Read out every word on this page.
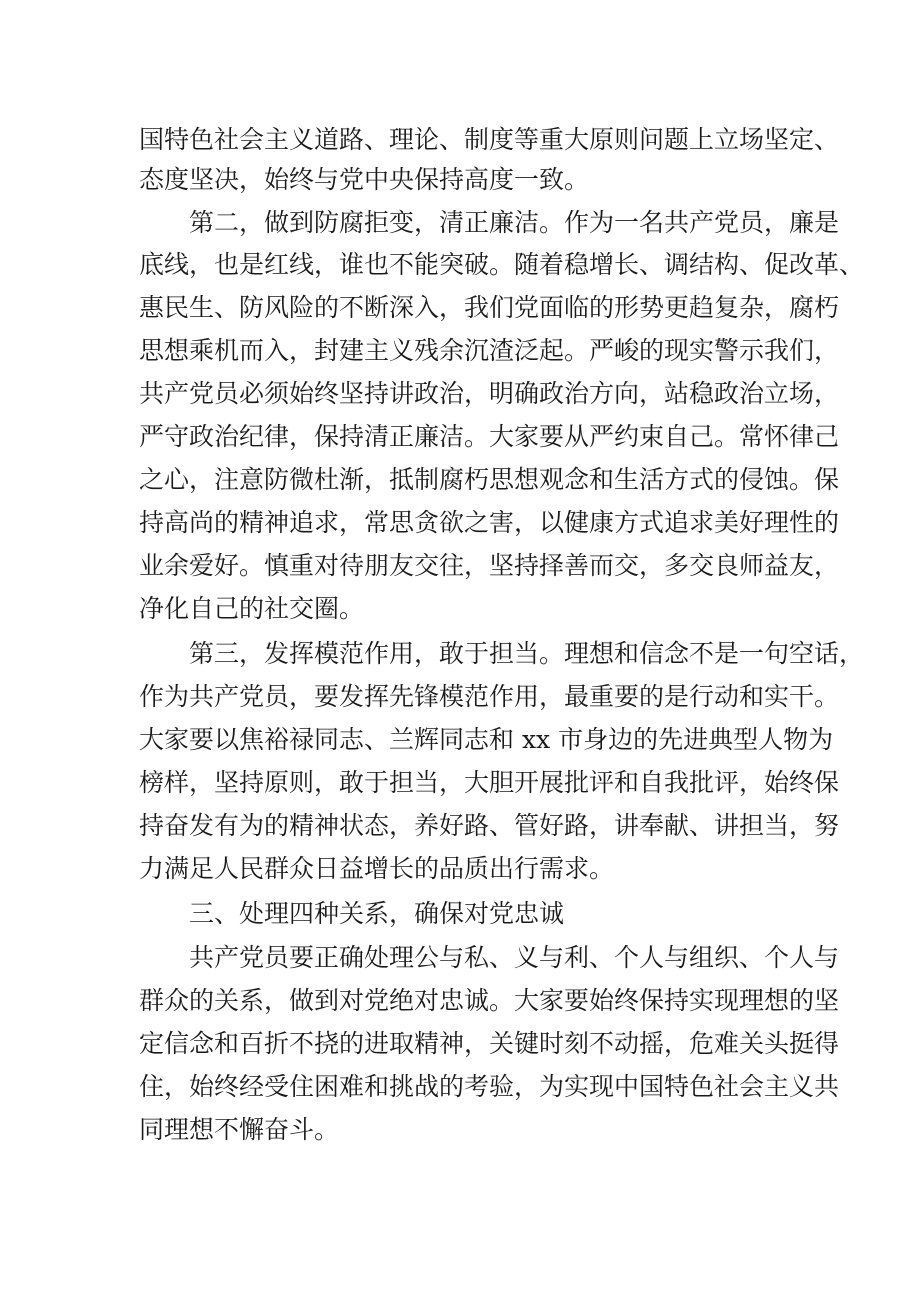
国特色社会主义道路、理论、制度等重大原则问题上立场坚定、
态度坚决，始终与党中央保持高度一致。
第二，做到防腐拒变，清正廉洁。作为一名共产党员，廉是
底线，也是红线，谁也不能突破。随着稳增长、调结构、促改革、
惠民生、防风险的不断深入，我们党面临的形势更趋复杂，腐朽
思想乘机而入，封建主义残余沉渣泛起。严峻的现实警示我们，
共产党员必须始终坚持讲政治，明确政治方向，站稳政治立场，
严守政治纪律，保持清正廉洁。大家要从严约束自己。常怀律己
之心，注意防微杜渐，抵制腐朽思想观念和生活方式的侵蚀。保
持高尚的精神追求，常思贪欲之害，以健康方式追求美好理性的
业余爱好。慎重对待朋友交往，坚持择善而交，多交良师益友，
净化自己的社交圈。
第三，发挥模范作用，敢于担当。理想和信念不是一句空话，
作为共产党员，要发挥先锋模范作用，最重要的是行动和实干。
大家要以焦裕禄同志、兰辉同志和 xx 市身边的先进典型人物为
榜样，坚持原则，敢于担当，大胆开展批评和自我批评，始终保
持奋发有为的精神状态，养好路、管好路，讲奉献、讲担当，努
力满足人民群众日益增长的品质出行需求。
三、处理四种关系，确保对党忠诚
共产党员要正确处理公与私、义与利、个人与组织、个人与
群众的关系，做到对党绝对忠诚。大家要始终保持实现理想的坚
定信念和百折不挠的进取精神，关键时刻不动摇，危难关头挺得
住，始终经受住困难和挑战的考验，为实现中国特色社会主义共
同理想不懈奋斗。
